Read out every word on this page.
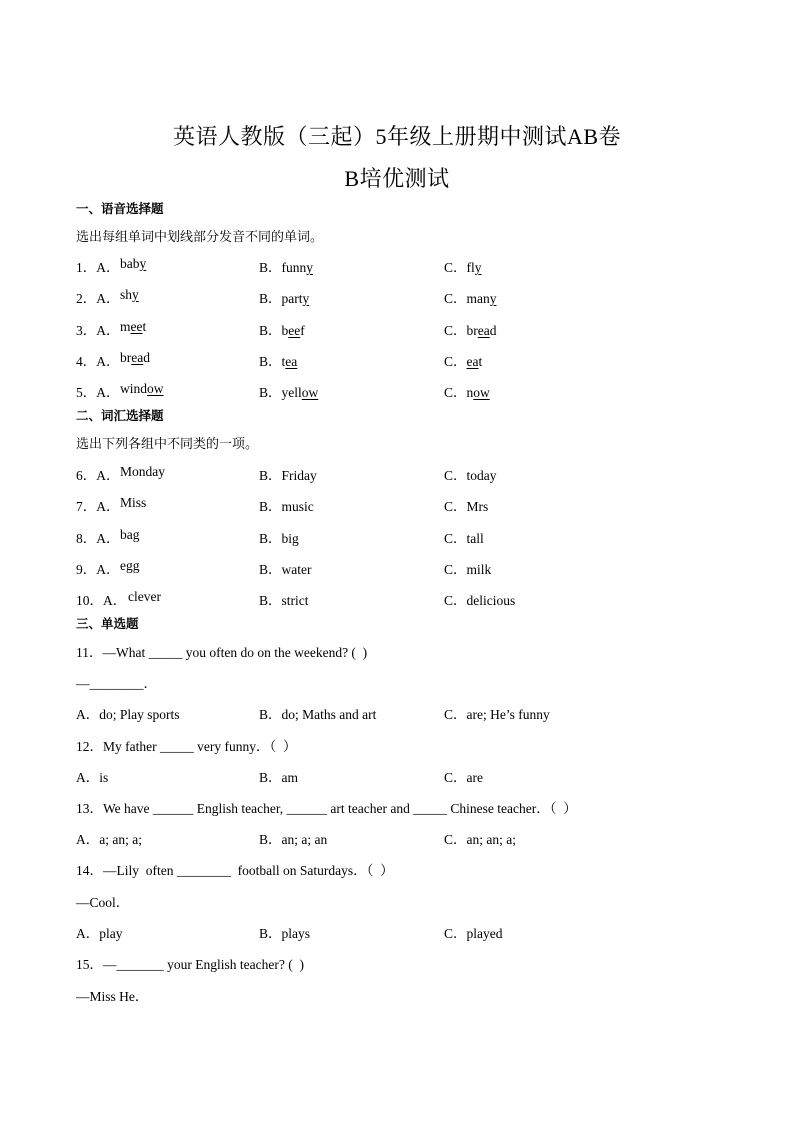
英语人教版（三起）5年级上册期中测试AB卷
B培优测试
一、语音选择题
选出每组单词中划线部分发音不同的单词。
1．A． baby	B．funny	C．fly
2．A． shy	B．party	C．many
3．A． meet	B．beef	C．bread
4．A． bread	B．tea	C．eat
5．A． window	B．yellow	C．now
二、词汇选择题
选出下列各组中不同类的一项。
6．A． Monday	B．Friday	C．today
7．A． Miss	B．music	C．Mrs
8．A． bag	B．big	C．tall
9．A． egg	B．water	C．milk
10．A． clever	B．strict	C．delicious
三、单选题
11．—What _____ you often do on the weekend? (  )
—________．
A．do; Play sports	B．do; Maths and art	C．are; He’s funny
12．My father _____ very funny．（  ）
A．is	B．am	C．are
13．We have ______ English teacher, ______ art teacher and _____ Chinese teacher．（  ）
A．a; an; a;	B．an; a; an	C．an; an; a;
14．—Lily  often ________  football on Saturdays．（  ）
—Cool．
A．play	B．plays	C．played
15．—_______ your English teacher? (  )
—Miss He．
